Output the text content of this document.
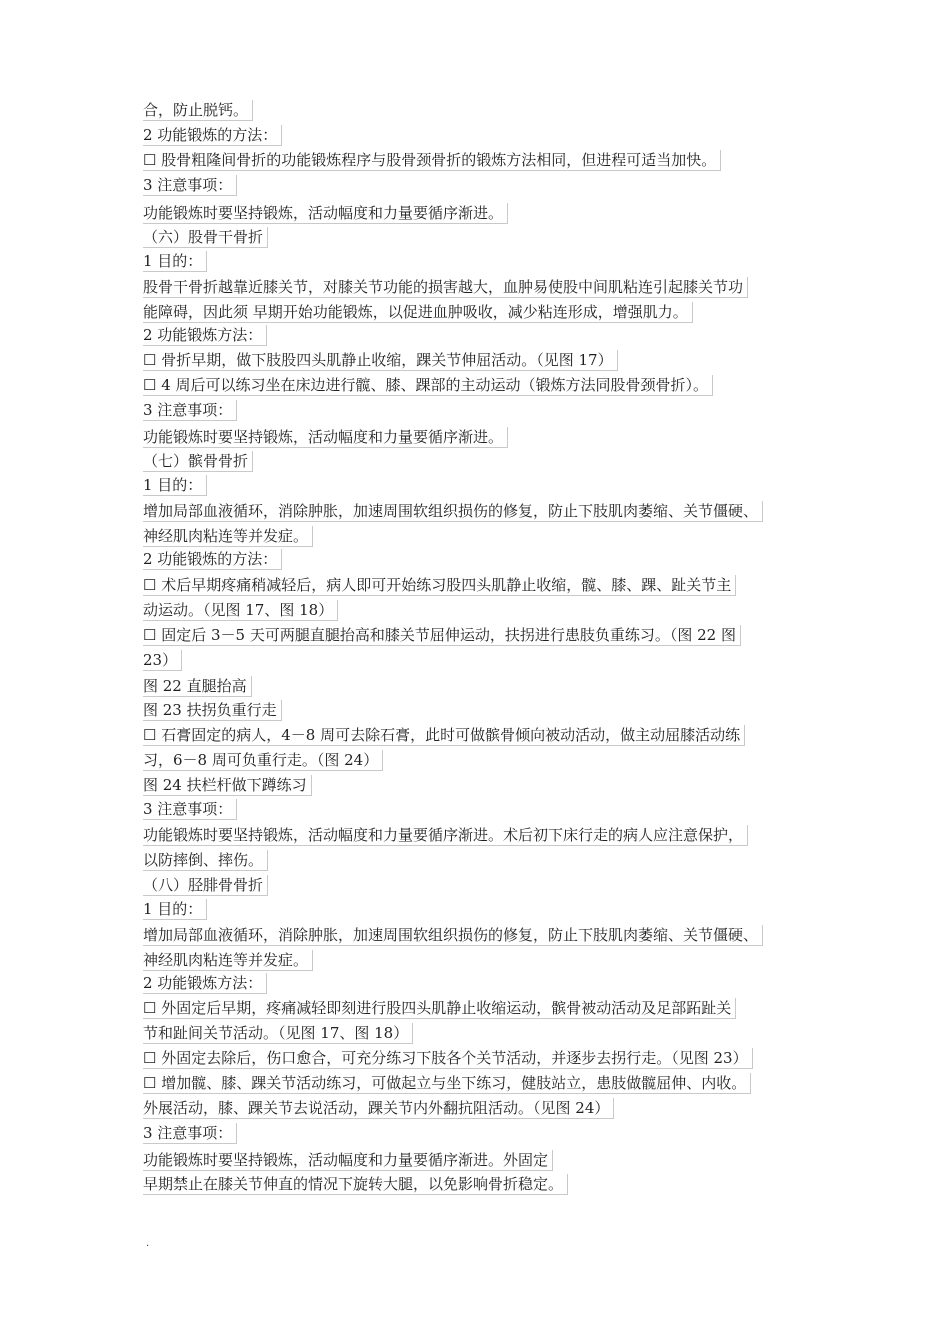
合，防止脱钙。
2 功能锻炼的方法：
☐ 股骨粗隆间骨折的功能锻炼程序与股骨颈骨折的锻炼方法相同，但进程可适当加快。
3 注意事项：
功能锻炼时要坚持锻炼，活动幅度和力量要循序渐进。
（六）股骨干骨折
1 目的：
股骨干骨折越靠近膝关节，对膝关节功能的损害越大，血肿易使股中间肌粘连引起膝关节功
能障碍，因此须 早期开始功能锻炼，以促进血肿吸收，减少粘连形成，增强肌力。
2 功能锻炼方法：
☐ 骨折早期，做下肢股四头肌静止收缩，踝关节伸屈活动。（见图 17）
☐ 4 周后可以练习坐在床边进行髋、膝、踝部的主动运动（锻炼方法同股骨颈骨折）。
3 注意事项：
功能锻炼时要坚持锻炼，活动幅度和力量要循序渐进。
（七）髌骨骨折
1 目的：
增加局部血液循环，消除肿胀，加速周围软组织损伤的修复，防止下肢肌肉萎缩、关节僵硬、
神经肌肉粘连等并发症。
2 功能锻炼的方法：
☐ 术后早期疼痛稍减轻后，病人即可开始练习股四头肌静止收缩，髋、膝、踝、趾关节主
动运动。（见图 17、图 18）
☐ 固定后 3－5 天可两腿直腿抬高和膝关节屈伸运动，扶拐进行患肢负重练习。（图 22 图
23）
图 22 直腿抬高
图 23 扶拐负重行走
☐ 石膏固定的病人，4－8 周可去除石膏，此时可做髌骨倾向被动活动，做主动屈膝活动练
习，6－8 周可负重行走。（图 24）
图 24 扶栏杆做下蹲练习
3 注意事项：
功能锻炼时要坚持锻炼，活动幅度和力量要循序渐进。术后初下床行走的病人应注意保护，
以防摔倒、摔伤。
（八）胫腓骨骨折
1 目的：
增加局部血液循环，消除肿胀，加速周围软组织损伤的修复，防止下肢肌肉萎缩、关节僵硬、
神经肌肉粘连等并发症。
2 功能锻炼方法：
☐ 外固定后早期，疼痛减轻即刻进行股四头肌静止收缩运动，髌骨被动活动及足部跖趾关
节和趾间关节活动。（见图 17、图 18）
☐ 外固定去除后，伤口愈合，可充分练习下肢各个关节活动，并逐步去拐行走。（见图 23）
☐ 增加髋、膝、踝关节活动练习，可做起立与坐下练习，健肢站立，患肢做髋屈伸、内收。
外展活动，膝、踝关节去说活动，踝关节内外翻抗阻活动。（见图 24）
3 注意事项：
功能锻炼时要坚持锻炼，活动幅度和力量要循序渐进。外固定
早期禁止在膝关节伸直的情况下旋转大腿，以免影响骨折稳定。
.
